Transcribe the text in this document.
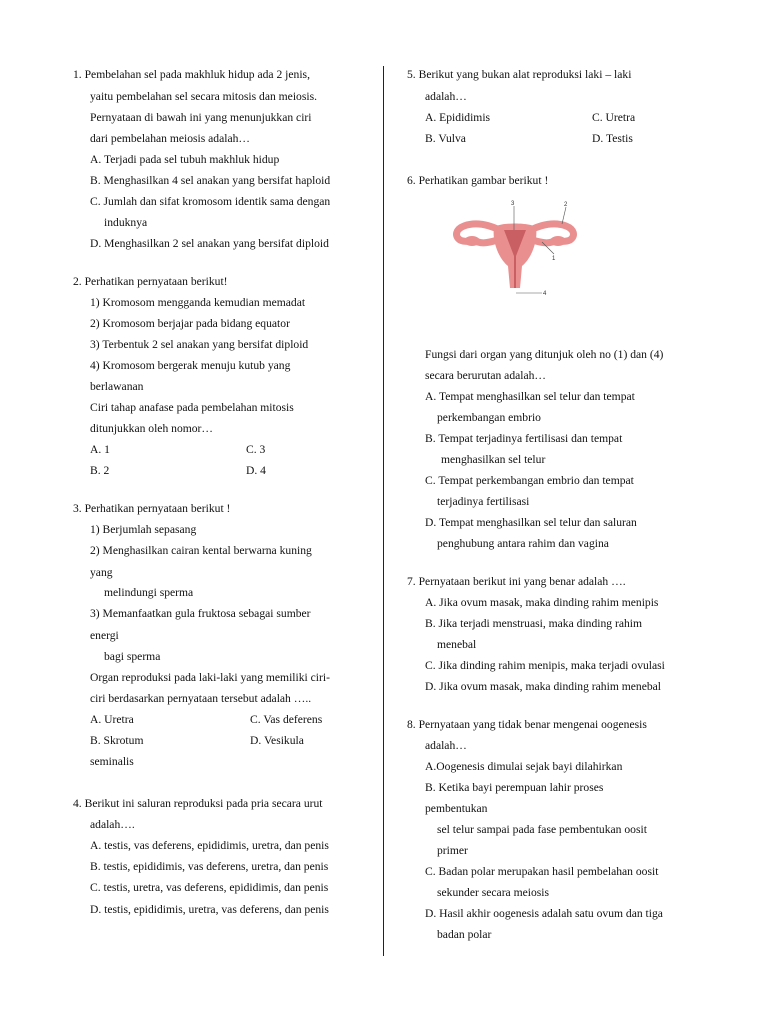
1. Pembelahan sel pada makhluk hidup ada 2 jenis,
yaitu pembelahan sel secara mitosis dan meiosis.
Pernyataan di bawah ini yang menunjukkan ciri
dari pembelahan meiosis adalah…
A. Terjadi pada sel tubuh makhluk hidup
B. Menghasilkan 4 sel anakan yang bersifat haploid
C. Jumlah dan sifat kromosom identik sama dengan
induknya
D. Menghasilkan 2 sel anakan yang bersifat diploid
2. Perhatikan pernyataan berikut!
1) Kromosom mengganda kemudian memadat
2) Kromosom berjajar pada bidang equator
3) Terbentuk 2 sel anakan yang bersifat diploid
4) Kromosom bergerak menuju kutub yang
berlawanan
Ciri tahap anafase pada pembelahan mitosis
ditunjukkan oleh nomor…
A. 1	C. 3
B. 2	D. 4
3. Perhatikan pernyataan berikut !
1) Berjumlah sepasang
2) Menghasilkan cairan kental berwarna kuning
yang
melindungi sperma
3) Memanfaatkan gula fruktosa sebagai sumber
energi
bagi sperma
Organ reproduksi pada laki-laki yang memiliki ciri-
ciri berdasarkan pernyataan tersebut adalah …..
A. Uretra	C. Vas deferens
B. Skrotum	D. Vesikula
seminalis
4. Berikut ini saluran reproduksi pada pria secara urut
adalah….
A. testis, vas deferens, epididimis, uretra, dan penis
B. testis, epididimis, vas deferens, uretra, dan penis
C. testis, uretra, vas deferens, epididimis, dan penis
D. testis, epididimis, uretra, vas deferens, dan penis
5. Berikut yang bukan alat reproduksi laki – laki
adalah…
A. Epididimis	C. Uretra
B. Vulva	D. Testis
6. Perhatikan gambar berikut !
Fungsi dari organ yang ditunjuk oleh no (1) dan (4)
secara berurutan adalah…
A. Tempat menghasilkan sel telur dan tempat
perkembangan embrio
B. Tempat terjadinya fertilisasi dan tempat
menghasilkan sel telur
C. Tempat perkembangan embrio dan tempat
terjadinya fertilisasi
D. Tempat menghasilkan sel telur dan saluran
penghubung antara rahim dan vagina
7. Pernyataan berikut ini yang benar adalah ….
A. Jika ovum masak, maka dinding rahim menipis
B. Jika terjadi menstruasi, maka dinding rahim
menebal
C. Jika dinding rahim menipis, maka terjadi ovulasi
D. Jika ovum masak, maka dinding rahim menebal
8. Pernyataan yang tidak benar mengenai oogenesis
adalah…
A.Oogenesis dimulai sejak bayi dilahirkan
B. Ketika bayi perempuan lahir proses
pembentukan
sel telur sampai pada fase pembentukan oosit
primer
C. Badan polar merupakan hasil pembelahan oosit
sekunder secara meiosis
D. Hasil akhir oogenesis adalah satu ovum dan tiga
badan polar
3	2
1
4
